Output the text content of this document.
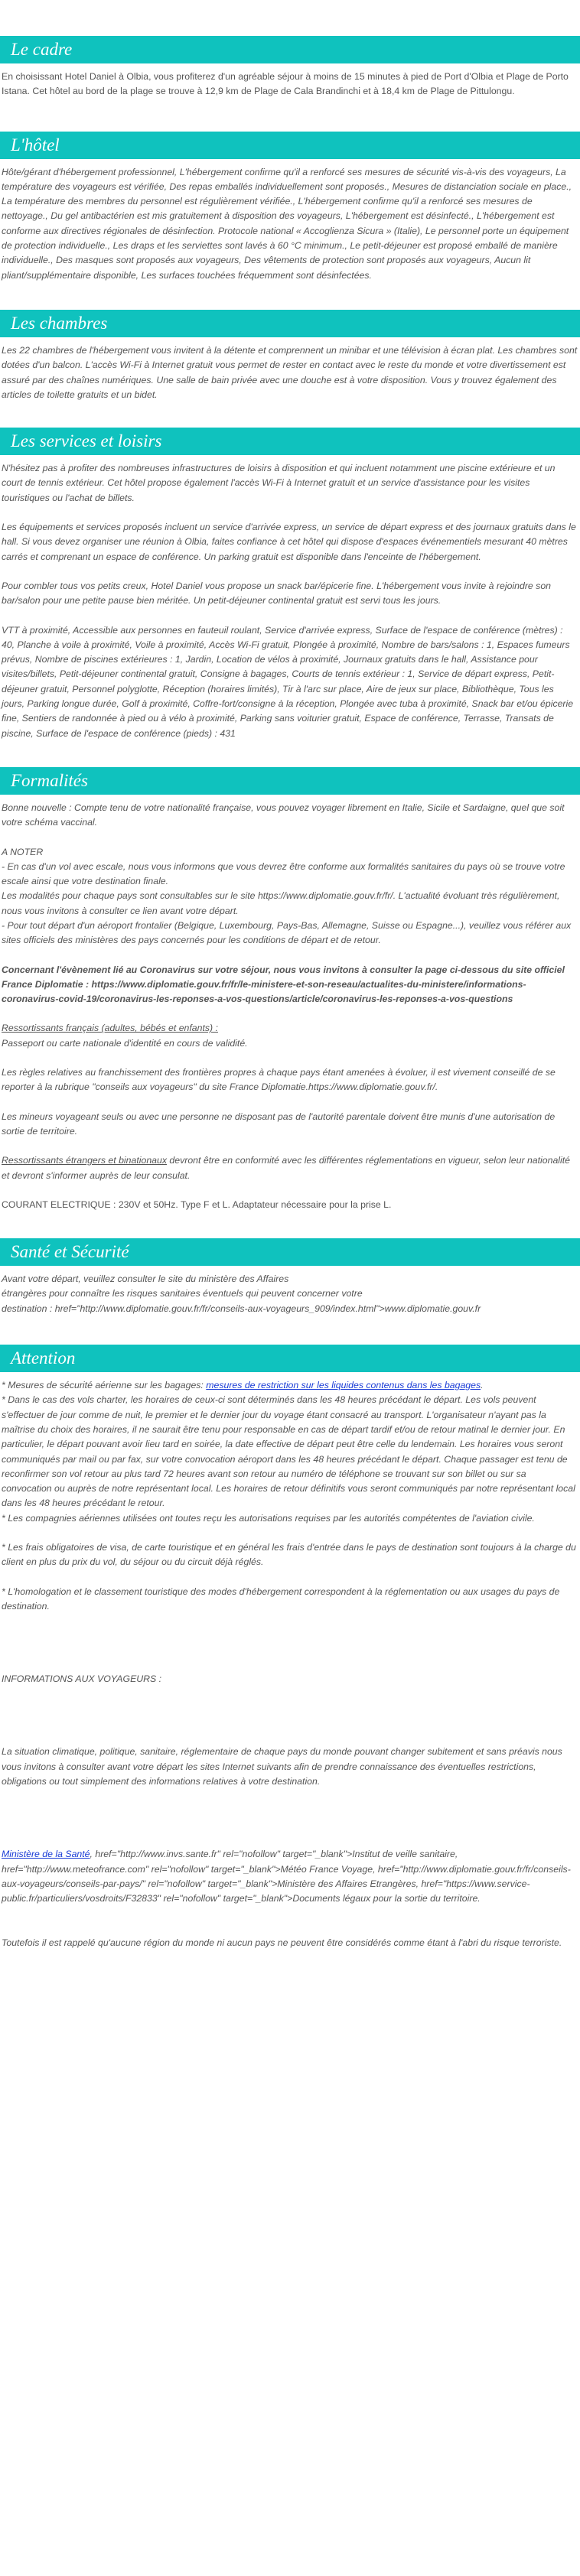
Le cadre

En choisissant Hotel Daniel à Olbia, vous profiterez d'un agréable séjour à moins de 15 minutes à pied de Port d'Olbia et Plage de Porto Istana. Cet hôtel au bord de la plage se trouve à 12,9 km de Plage de Cala Brandinchi et à 18,4 km de Plage de Pittulongu.

L'hôtel

Hôte/gérant d'hébergement professionnel, L'hébergement confirme qu'il a renforcé ses mesures de sécurité vis-à-vis des voyageurs, La température des voyageurs est vérifiée, Des repas emballés individuellement sont proposés., Mesures de distanciation sociale en place., La température des membres du personnel est régulièrement vérifiée., L'hébergement confirme qu'il a renforcé ses mesures de nettoyage., Du gel antibactérien est mis gratuitement à disposition des voyageurs, L'hébergement est désinfecté., L'hébergement est conforme aux directives régionales de désinfection. Protocole national « Accoglienza Sicura » (Italie), Le personnel porte un équipement de protection individuelle., Les draps et les serviettes sont lavés à 60 °C minimum., Le petit-déjeuner est proposé emballé de manière individuelle., Des masques sont proposés aux voyageurs, Des vêtements de protection sont proposés aux voyageurs, Aucun lit pliant/supplémentaire disponible, Les surfaces touchées fréquemment sont désinfectées.

Les chambres

Les 22 chambres de l'hébergement vous invitent à la détente et comprennent un minibar et une télévision à écran plat. Les chambres sont dotées d'un balcon. L'accès Wi-Fi à Internet gratuit vous permet de rester en contact avec le reste du monde et votre divertissement est assuré par des chaînes numériques. Une salle de bain privée avec une douche est à votre disposition. Vous y trouvez également des articles de toilette gratuits et un bidet.

Les services et loisirs

N'hésitez pas à profiter des nombreuses infrastructures de loisirs à disposition et qui incluent notamment une piscine extérieure et un court de tennis extérieur. Cet hôtel propose également l'accès Wi-Fi à Internet gratuit et un service d'assistance pour les visites touristiques ou l'achat de billets.

Les équipements et services proposés incluent un service d'arrivée express, un service de départ express et des journaux gratuits dans le hall. Si vous devez organiser une réunion à Olbia, faites confiance à cet hôtel qui dispose d'espaces événementiels mesurant 40 mètres carrés et comprenant un espace de conférence. Un parking gratuit est disponible dans l'enceinte de l'hébergement.

Pour combler tous vos petits creux, Hotel Daniel vous propose un snack bar/épicerie fine. L'hébergement vous invite à rejoindre son bar/salon pour une petite pause bien méritée. Un petit-déjeuner continental gratuit est servi tous les jours.

VTT à proximité, Accessible aux personnes en fauteuil roulant, Service d'arrivée express, Surface de l'espace de conférence (mètres) : 40, Planche à voile à proximité, Voile à proximité, Accès Wi-Fi gratuit, Plongée à proximité, Nombre de bars/salons : 1, Espaces fumeurs prévus, Nombre de piscines extérieures : 1, Jardin, Location de vélos à proximité, Journaux gratuits dans le hall, Assistance pour visites/billets, Petit-déjeuner continental gratuit, Consigne à bagages, Courts de tennis extérieur : 1, Service de départ express, Petit-déjeuner gratuit, Personnel polyglotte, Réception (horaires limités), Tir à l'arc sur place, Aire de jeux sur place, Bibliothèque, Tous les jours, Parking longue durée, Golf à proximité, Coffre-fort/consigne à la réception, Plongée avec tuba à proximité, Snack bar et/ou épicerie fine, Sentiers de randonnée à pied ou à vélo à proximité, Parking sans voiturier gratuit, Espace de conférence, Terrasse, Transats de piscine, Surface de l'espace de conférence (pieds) : 431

Formalités

Bonne nouvelle : Compte tenu de votre nationalité française, vous pouvez voyager librement en Italie, Sicile et Sardaigne, quel que soit votre schéma vaccinal.

A NOTER

- En cas d'un vol avec escale, nous vous informons que vous devrez être conforme aux formalités sanitaires du pays où se trouve votre escale ainsi que votre destination finale.

Les modalités pour chaque pays sont consultables sur le site https://www.diplomatie.gouv.fr/fr/. L'actualité évoluant très régulièrement, nous vous invitons à consulter ce lien avant votre départ.

- Pour tout départ d'un aéroport frontalier (Belgique, Luxembourg, Pays-Bas, Allemagne, Suisse ou Espagne...), veuillez vous référer aux sites officiels des ministères des pays concernés pour les conditions de départ et de retour.

Concernant l'évènement lié au Coronavirus sur votre séjour, nous vous invitons à consulter la page ci-dessous du site officiel France Diplomatie : https://www.diplomatie.gouv.fr/fr/le-ministere-et-son-reseau/actualites-du-ministere/informations-coronavirus-covid-19/coronavirus-les-reponses-a-vos-questions/article/coronavirus-les-reponses-a-vos-questions

Ressortissants français (adultes, bébés et enfants) :

Passeport ou carte nationale d'identité en cours de validité.

Les règles relatives au franchissement des frontières propres à chaque pays étant amenées à évoluer, il est vivement conseillé de se reporter à la rubrique "conseils aux voyageurs" du site France Diplomatie.https://www.diplomatie.gouv.fr/.

Les mineurs voyageant seuls ou avec une personne ne disposant pas de l'autorité parentale doivent être munis d'une autorisation de sortie de territoire.

Ressortissants étrangers et binationaux devront être en conformité avec les différentes réglementations en vigueur, selon leur nationalité et devront s'informer auprès de leur consulat.

COURANT ELECTRIQUE : 230V et 50Hz. Type F et L. Adaptateur nécessaire pour la prise L.

Santé et Sécurité

Avant votre départ, veuillez consulter le site du ministère des Affaires

étrangères pour connaître les risques sanitaires éventuels qui peuvent concerner votre

destination : href="http://www.diplomatie.gouv.fr/fr/conseils-aux-voyageurs_909/index.html">www.diplomatie.gouv.fr

Attention

* Mesures de sécurité aérienne sur les bagages: mesures de restriction sur les liquides contenus dans les bagages.

* Dans le cas des vols charter, les horaires de ceux-ci sont déterminés dans les 48 heures précédant le départ. Les vols peuvent s'effectuer de jour comme de nuit, le premier et le dernier jour du voyage étant consacré au transport. L'organisateur n'ayant pas la maîtrise du choix des horaires, il ne saurait être tenu pour responsable en cas de départ tardif et/ou de retour matinal le dernier jour. En particulier, le départ pouvant avoir lieu tard en soirée, la date effective de départ peut être celle du lendemain. Les horaires vous seront communiqués par mail ou par fax, sur votre convocation aéroport dans les 48 heures précédant le départ. Chaque passager est tenu de reconfirmer son vol retour au plus tard 72 heures avant son retour au numéro de téléphone se trouvant sur son billet ou sur sa convocation ou auprès de notre représentant local. Les horaires de retour définitifs vous seront communiqués par notre représentant local dans les 48 heures précédant le retour.

* Les compagnies aériennes utilisées ont toutes reçu les autorisations requises par les autorités compétentes de l'aviation civile.

* Les frais obligatoires de visa, de carte touristique et en général les frais d'entrée dans le pays de destination sont toujours à la charge du client en plus du prix du vol, du séjour ou du circuit déjà réglés.

* L'homologation et le classement touristique des modes d'hébergement correspondent à la réglementation ou aux usages du pays de destination.

INFORMATIONS AUX VOYAGEURS :

La situation climatique, politique, sanitaire, réglementaire de chaque pays du monde pouvant changer subitement et sans préavis nous vous invitons à consulter avant votre départ les sites Internet suivants afin de prendre connaissance des éventuelles restrictions, obligations ou tout simplement des informations relatives à votre destination.

Ministère de la Santé, href="http://www.invs.sante.fr" rel="nofollow" target="_blank">Institut de veille sanitaire, href="http://www.meteofrance.com" rel="nofollow" target="_blank">Météo France Voyage, href="http://www.diplomatie.gouv.fr/fr/conseils-aux-voyageurs/conseils-par-pays/" rel="nofollow" target="_blank">Ministère des Affaires Etrangères, href="https://www.service-public.fr/particuliers/vosdroits/F32833" rel="nofollow" target="_blank">Documents légaux pour la sortie du territoire.

Toutefois il est rappelé qu'aucune région du monde ni aucun pays ne peuvent être considérés comme étant à l'abri du risque terroriste.
